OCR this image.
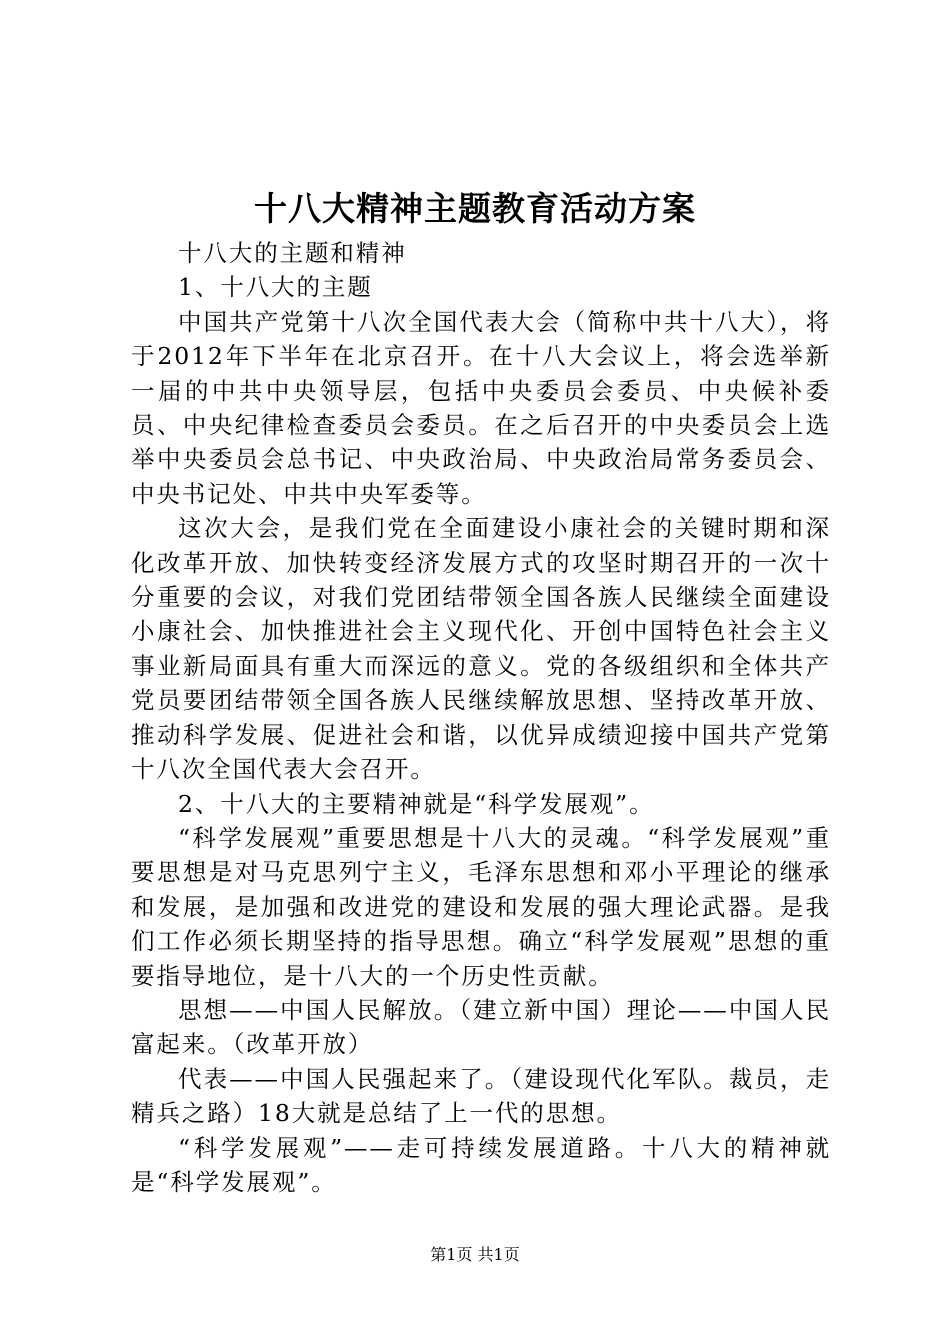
十八大精神主题教育活动方案

十八大的主题和精神

1、十八大的主题

中国共产党第十八次全国代表大会（简称中共十八大），将于2012年下半年在北京召开。在十八大会议上，将会选举新一届的中共中央领导层，包括中央委员会委员、中央候补委员、中央纪律检查委员会委员。在之后召开的中央委员会上选举中央委员会总书记、中央政治局、中央政治局常务委员会、中央书记处、中共中央军委等。

这次大会，是我们党在全面建设小康社会的关键时期和深化改革开放、加快转变经济发展方式的攻坚时期召开的一次十分重要的会议，对我们党团结带领全国各族人民继续全面建设小康社会、加快推进社会主义现代化、开创中国特色社会主义事业新局面具有重大而深远的意义。党的各级组织和全体共产党员要团结带领全国各族人民继续解放思想、坚持改革开放、推动科学发展、促进社会和谐，以优异成绩迎接中国共产党第十八次全国代表大会召开。

2、十八大的主要精神就是“科学发展观”。

“科学发展观”重要思想是十八大的灵魂。“科学发展观”重要思想是对马克思列宁主义，毛泽东思想和邓小平理论的继承和发展，是加强和改进党的建设和发展的强大理论武器。是我们工作必须长期坚持的指导思想。确立“科学发展观”思想的重要指导地位，是十八大的一个历史性贡献。

思想——中国人民解放。（建立新中国）理论——中国人民富起来。（改革开放）

代表——中国人民强起来了。（建设现代化军队。裁员，走精兵之路）18大就是总结了上一代的思想。

“科学发展观”——走可持续发展道路。十八大的精神就是“科学发展观”。

第1页 共1页
